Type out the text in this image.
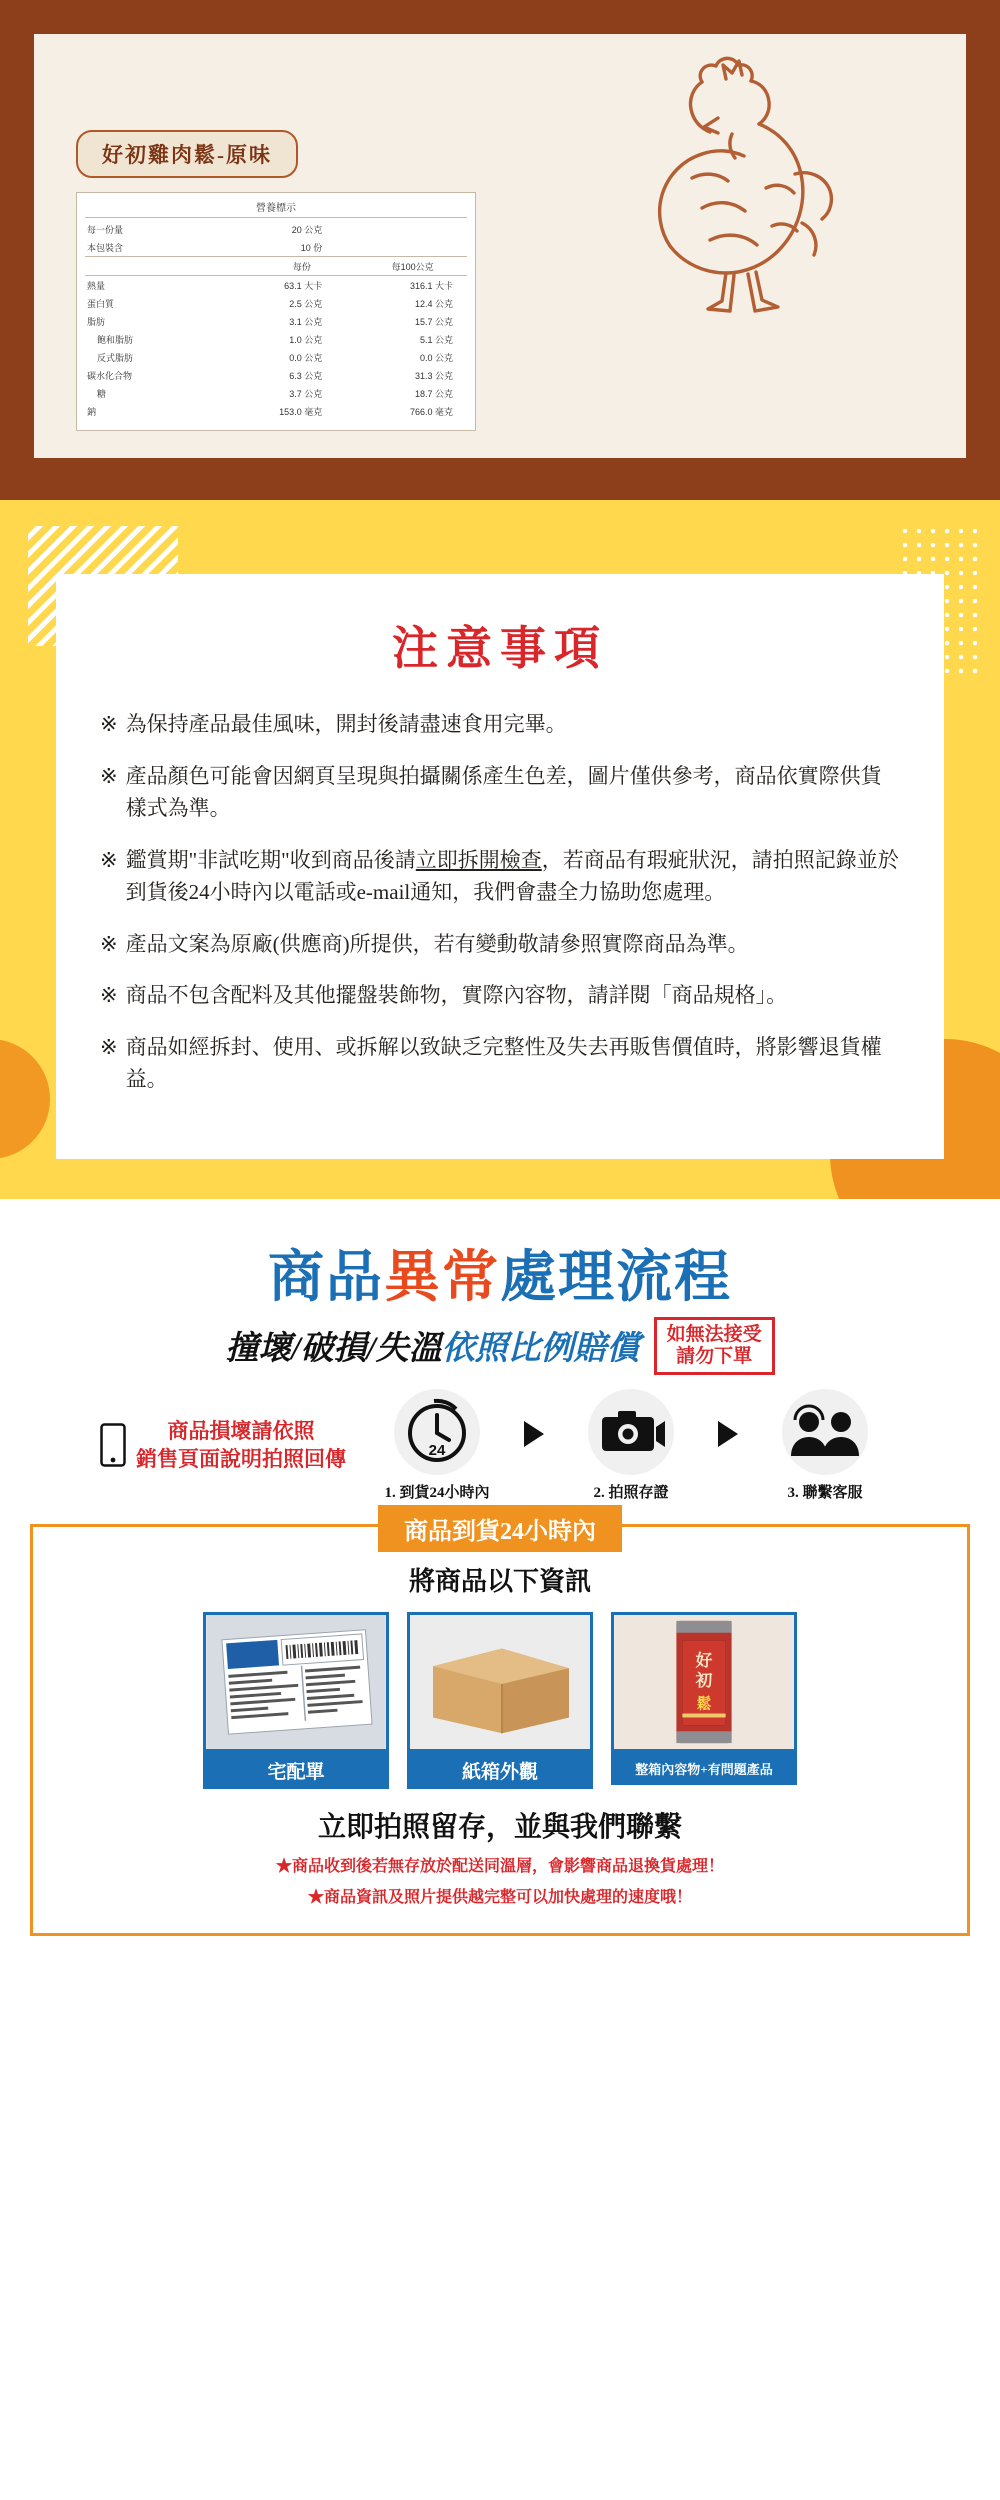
好初雞肉鬆-原味
營養標示
每一份量	20 公克	
本包裝含	10 份	
	每份	每100公克
熱量	63.1 大卡	316.1 大卡
蛋白質	2.5 公克	12.4 公克
脂肪	3.1 公克	15.7 公克
飽和脂肪	1.0 公克	5.1 公克
反式脂肪	0.0 公克	0.0 公克
碳水化合物	6.3 公克	31.3 公克
糖	3.7 公克	18.7 公克
鈉	153.0 毫克	766.0 毫克
注意事項
※ 為保持產品最佳風味，開封後請盡速食用完畢。
※ 產品顏色可能會因網頁呈現與拍攝關係產生色差，圖片僅供參考，商品依實際供貨樣式為準。
※ 鑑賞期"非試吃期"收到商品後請立即拆開檢查，若商品有瑕疵狀況，請拍照記錄並於到貨後24小時內以電話或e-mail通知，我們會盡全力協助您處理。
※ 產品文案為原廠(供應商)所提供，若有變動敬請參照實際商品為準。
※ 商品不包含配料及其他擺盤裝飾物，實際內容物，請詳閱「商品規格」。
※ 商品如經拆封、使用、或拆解以致缺乏完整性及失去再販售價值時，將影響退貨權益。
商品異常處理流程
撞壞/破損/失溫依照比例賠償 如無法接受
請勿下單
商品損壞請依照
銷售頁面說明拍照回傳	24
1. 到貨24小時內	2. 拍照存證	3. 聯繫客服
商品到貨24小時內
將商品以下資訊
宅配單	紙箱外觀
好
初
鬆
整箱內容物+有問題產品
立即拍照留存，並與我們聯繫
★商品收到後若無存放於配送同溫層，會影響商品退換貨處理！
★商品資訊及照片提供越完整可以加快處理的速度哦！
